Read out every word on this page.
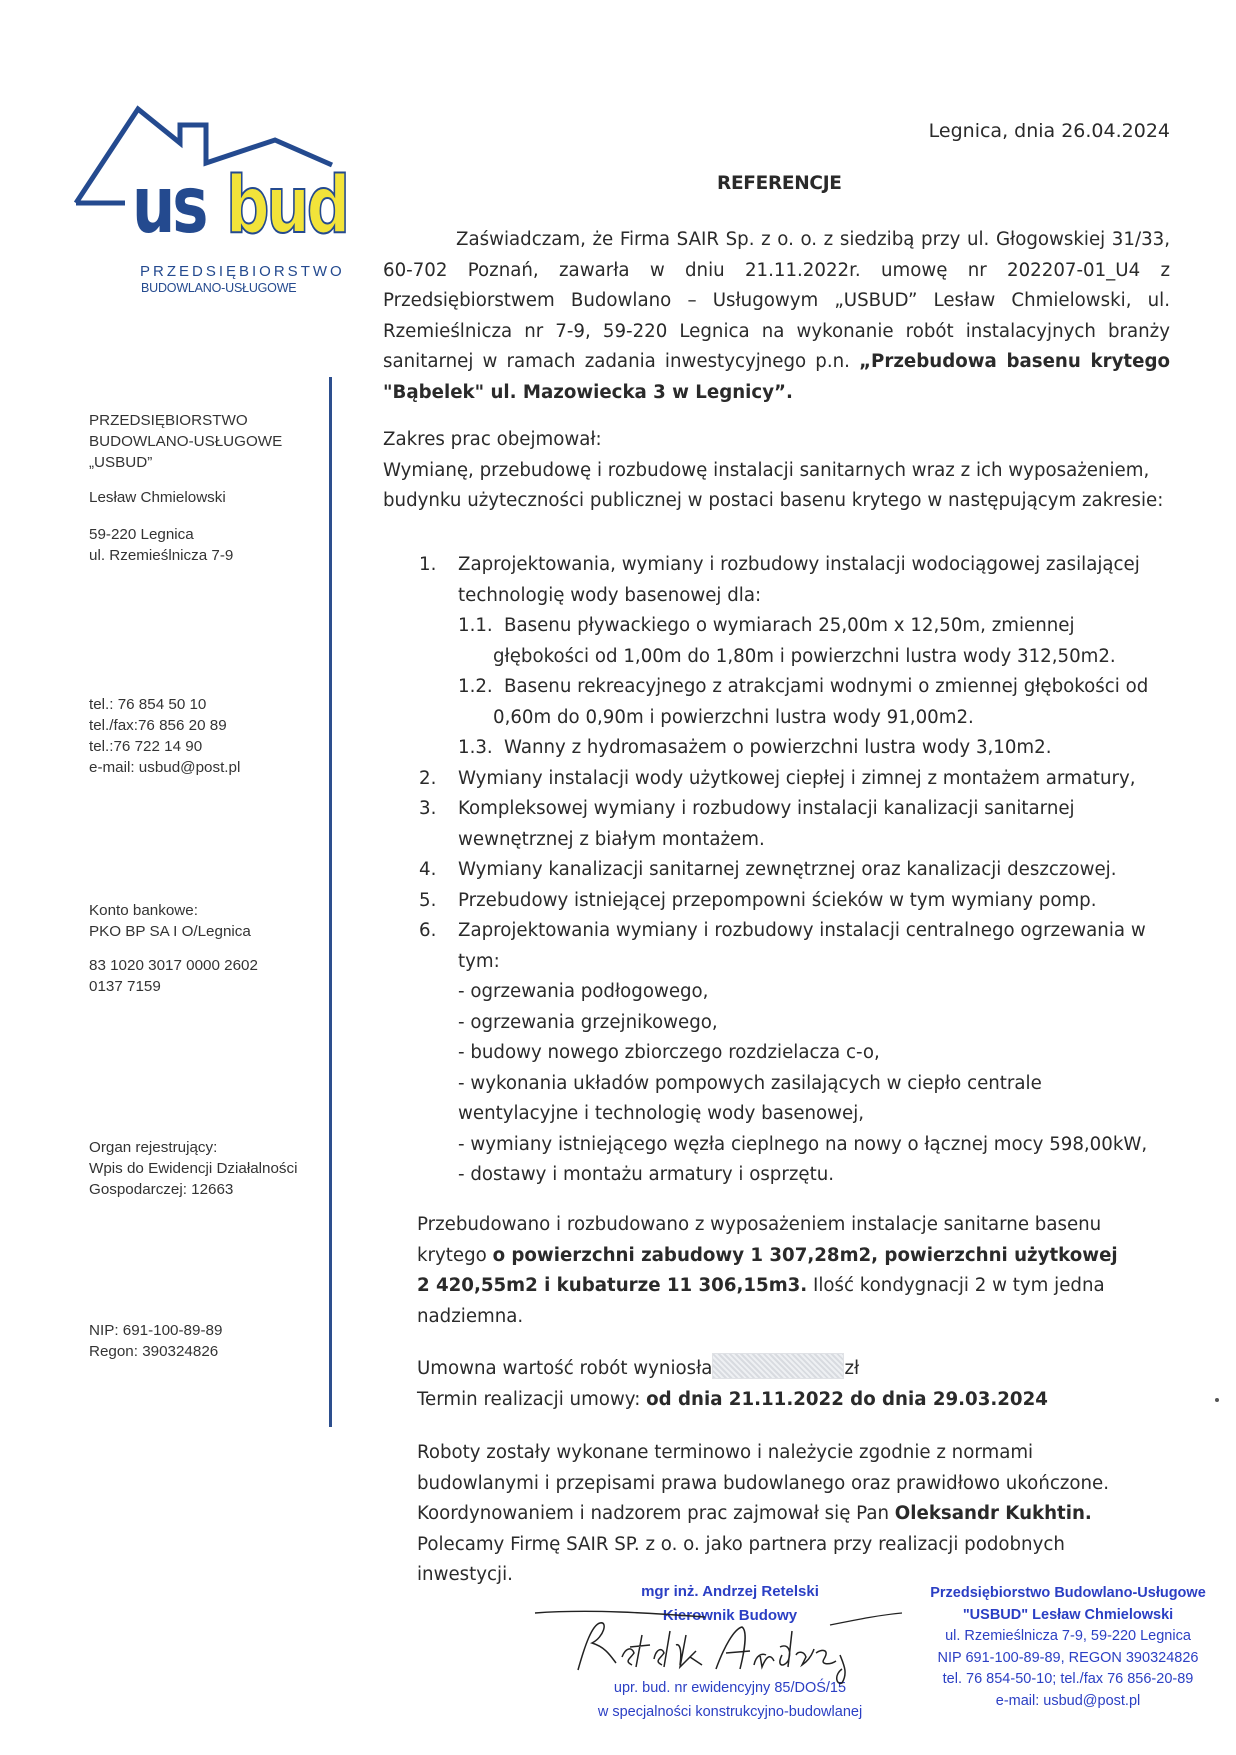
us bud
PRZEDSIĘBIORSTWO
BUDOWLANO-USŁUGOWE
PRZEDSIĘBIORSTWO
BUDOWLANO-USŁUGOWE
„USBUD”
Lesław Chmielowski
59-220 Legnica
ul. Rzemieślnicza 7-9
tel.: 76 854 50 10
tel./fax:76 856 20 89
tel.:76 722 14 90
e-mail: usbud@post.pl
Konto bankowe:
PKO BP SA I O/Legnica
83 1020 3017 0000 2602
0137 7159
Organ rejestrujący:
Wpis do Ewidencji Działalności
Gospodarczej: 12663
NIP: 691-100-89-89
Regon: 390324826
Legnica, dnia 26.04.2024
REFERENCJE
Zaświadczam, że Firma SAIR Sp. z o. o. z siedzibą przy ul. Głogowskiej 31/33, 60-702 Poznań, zawarła w dniu 21.11.2022r. umowę nr 202207-01_U4 z Przedsiębiorstwem Budowlano – Usługowym „USBUD” Lesław Chmielowski, ul. Rzemieślnicza nr 7-9, 59-220 Legnica na wykonanie robót instalacyjnych branży sanitarnej w ramach zadania inwestycyjnego p.n. „Przebudowa basenu krytego "Bąbelek" ul. Mazowiecka 3 w Legnicy”.
Zakres prac obejmował:
Wymianę, przebudowę i rozbudowę instalacji sanitarnych wraz z ich wyposażeniem,
budynku użyteczności publicznej w postaci basenu krytego w następującym zakresie:
1. Zaprojektowania, wymiany i rozbudowy instalacji wodociągowej zasilającej
technologię wody basenowej dla:
1.1. Basenu pływackiego o wymiarach 25,00m x 12,50m, zmiennej
głębokości od 1,00m do 1,80m i powierzchni lustra wody 312,50m2.
1.2. Basenu rekreacyjnego z atrakcjami wodnymi o zmiennej głębokości od
0,60m do 0,90m i powierzchni lustra wody 91,00m2.
1.3. Wanny z hydromasażem o powierzchni lustra wody 3,10m2.
2. Wymiany instalacji wody użytkowej ciepłej i zimnej z montażem armatury,
3. Kompleksowej wymiany i rozbudowy instalacji kanalizacji sanitarnej
wewnętrznej z białym montażem.
4. Wymiany kanalizacji sanitarnej zewnętrznej oraz kanalizacji deszczowej.
5. Przebudowy istniejącej przepompowni ścieków w tym wymiany pomp.
6. Zaprojektowania wymiany i rozbudowy instalacji centralnego ogrzewania w
tym:
- ogrzewania podłogowego,
- ogrzewania grzejnikowego,
- budowy nowego zbiorczego rozdzielacza c-o,
- wykonania układów pompowych zasilających w ciepło centrale
wentylacyjne i technologię wody basenowej,
- wymiany istniejącego węzła cieplnego na nowy o łącznej mocy 598,00kW,
- dostawy i montażu armatury i osprzętu.
Przebudowano i rozbudowano z wyposażeniem instalacje sanitarne basenu
krytego o powierzchni zabudowy 1 307,28m2, powierzchni użytkowej
2 420,55m2 i kubaturze 11 306,15m3. Ilość kondygnacji 2 w tym jedna
nadziemna.
Umowna wartość robót wyniosła	zł
Termin realizacji umowy: od dnia 21.11.2022 do dnia 29.03.2024
Roboty zostały wykonane terminowo i należycie zgodnie z normami
budowlanymi i przepisami prawa budowlanego oraz prawidłowo ukończone.
Koordynowaniem i nadzorem prac zajmował się Pan Oleksandr Kukhtin.
Polecamy Firmę SAIR SP. z o. o. jako partnera przy realizacji podobnych
inwestycji.
mgr inż. Andrzej Retelski
Kierownik Budowy
upr. bud. nr ewidencyjny 85/DOŚ/15
w specjalności konstrukcyjno-budowlanej
Przedsiębiorstwo Budowlano-Usługowe
"USBUD" Lesław Chmielowski
ul. Rzemieślnicza 7-9, 59-220 Legnica
NIP 691-100-89-89, REGON 390324826
tel. 76 854-50-10; tel./fax 76 856-20-89
e-mail: usbud@post.pl
